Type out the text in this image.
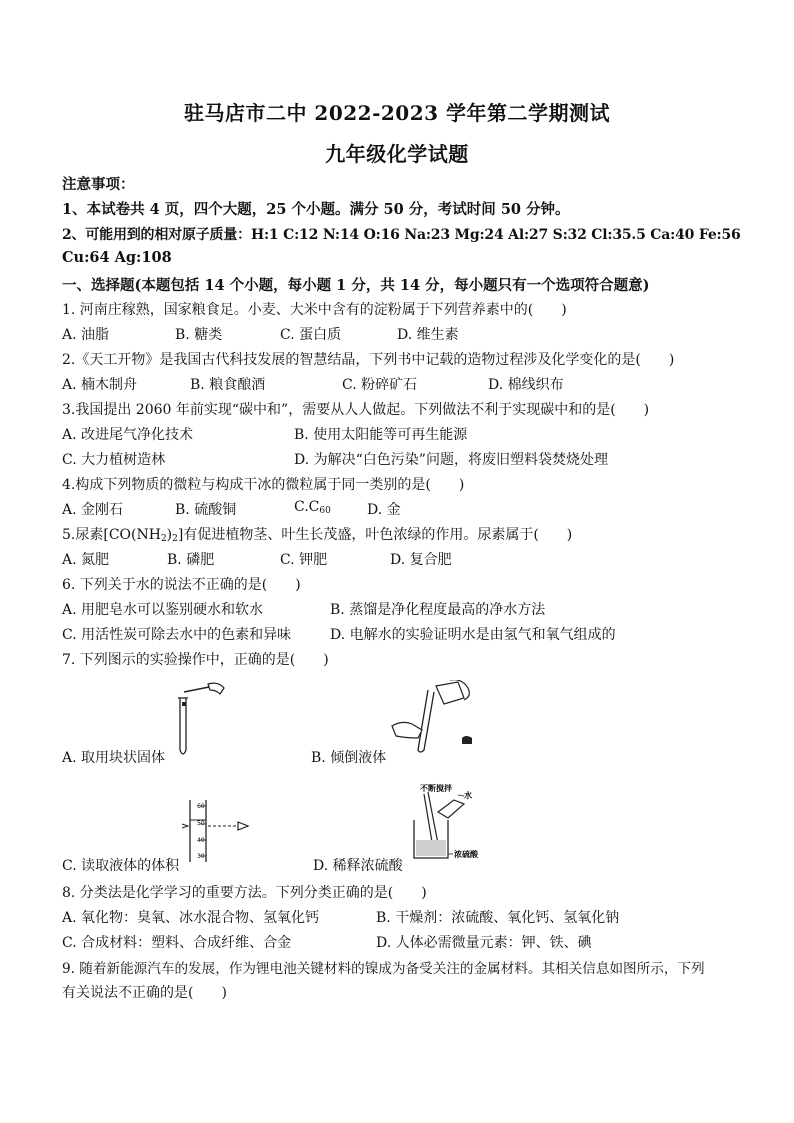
驻马店市二中 2022-2023 学年第二学期测试
九年级化学试题
注意事项：
1、本试卷共 4 页，四个大题，25 个小题。满分 50 分，考试时间 50 分钟。
2、可能用到的相对原子质量：H:1 C:12 N:14 O:16 Na:23 Mg:24 Al:27 S:32 Cl:35.5 Ca:40 Fe:56
Cu:64 Ag:108
一、选择题(本题包括 14 个小题，每小题 1 分，共 14 分，每小题只有一个选项符合题意)
1. 河南庄稼熟，国家粮食足。小麦、大米中含有的淀粉属于下列营养素中的(　　)
A. 油脂	B. 糖类	C. 蛋白质	D. 维生素
2.《天工开物》是我国古代科技发展的智慧结晶，下列书中记载的造物过程涉及化学变化的是(　　)
A. 楠木制舟	B. 粮食酿酒	C. 粉碎矿石	D. 棉线织布
3.我国提出 2060 年前实现“碳中和”，需要从人人做起。下列做法不利于实现碳中和的是(　　)
A. 改进尾气净化技术	B. 使用太阳能等可再生能源
C. 大力植树造林	D. 为解决“白色污染”问题，将废旧塑料袋焚烧处理
4.构成下列物质的微粒与构成干冰的微粒属于同一类别的是(　　)
A. 金刚石	B. 硫酸铜	$C.C_{60}$	D. 金
5.尿素$[CO(NH_2)_2]$有促进植物茎、叶生长茂盛，叶色浓绿的作用。尿素属于(　　)
A. 氮肥	B. 磷肥	C. 钾肥	D. 复合肥
6. 下列关于水的说法不正确的是(　　)
A. 用肥皂水可以鉴别硬水和软水	B. 蒸馏是净化程度最高的净水方法
C. 用活性炭可除去水中的色素和异味	D. 电解水的实验证明水是由氢气和氧气组成的
7. 下列图示的实验操作中，正确的是(　　)
A. 取用块状固体	B. 倾倒液体
60
50
40
30
C. 读取液体的体积
不断搅拌
水
浓硫酸
D. 稀释浓硫酸
8. 分类法是化学学习的重要方法。下列分类正确的是(　　)
A. 氧化物：臭氧、冰水混合物、氢氧化钙	B. 干燥剂：浓硫酸、氧化钙、氢氧化钠
C. 合成材料：塑料、合成纤维、合金	D. 人体必需微量元素：钾、铁、碘
9. 随着新能源汽车的发展，作为锂电池关键材料的镍成为备受关注的金属材料。其相关信息如图所示，下列
有关说法不正确的是(　　)
